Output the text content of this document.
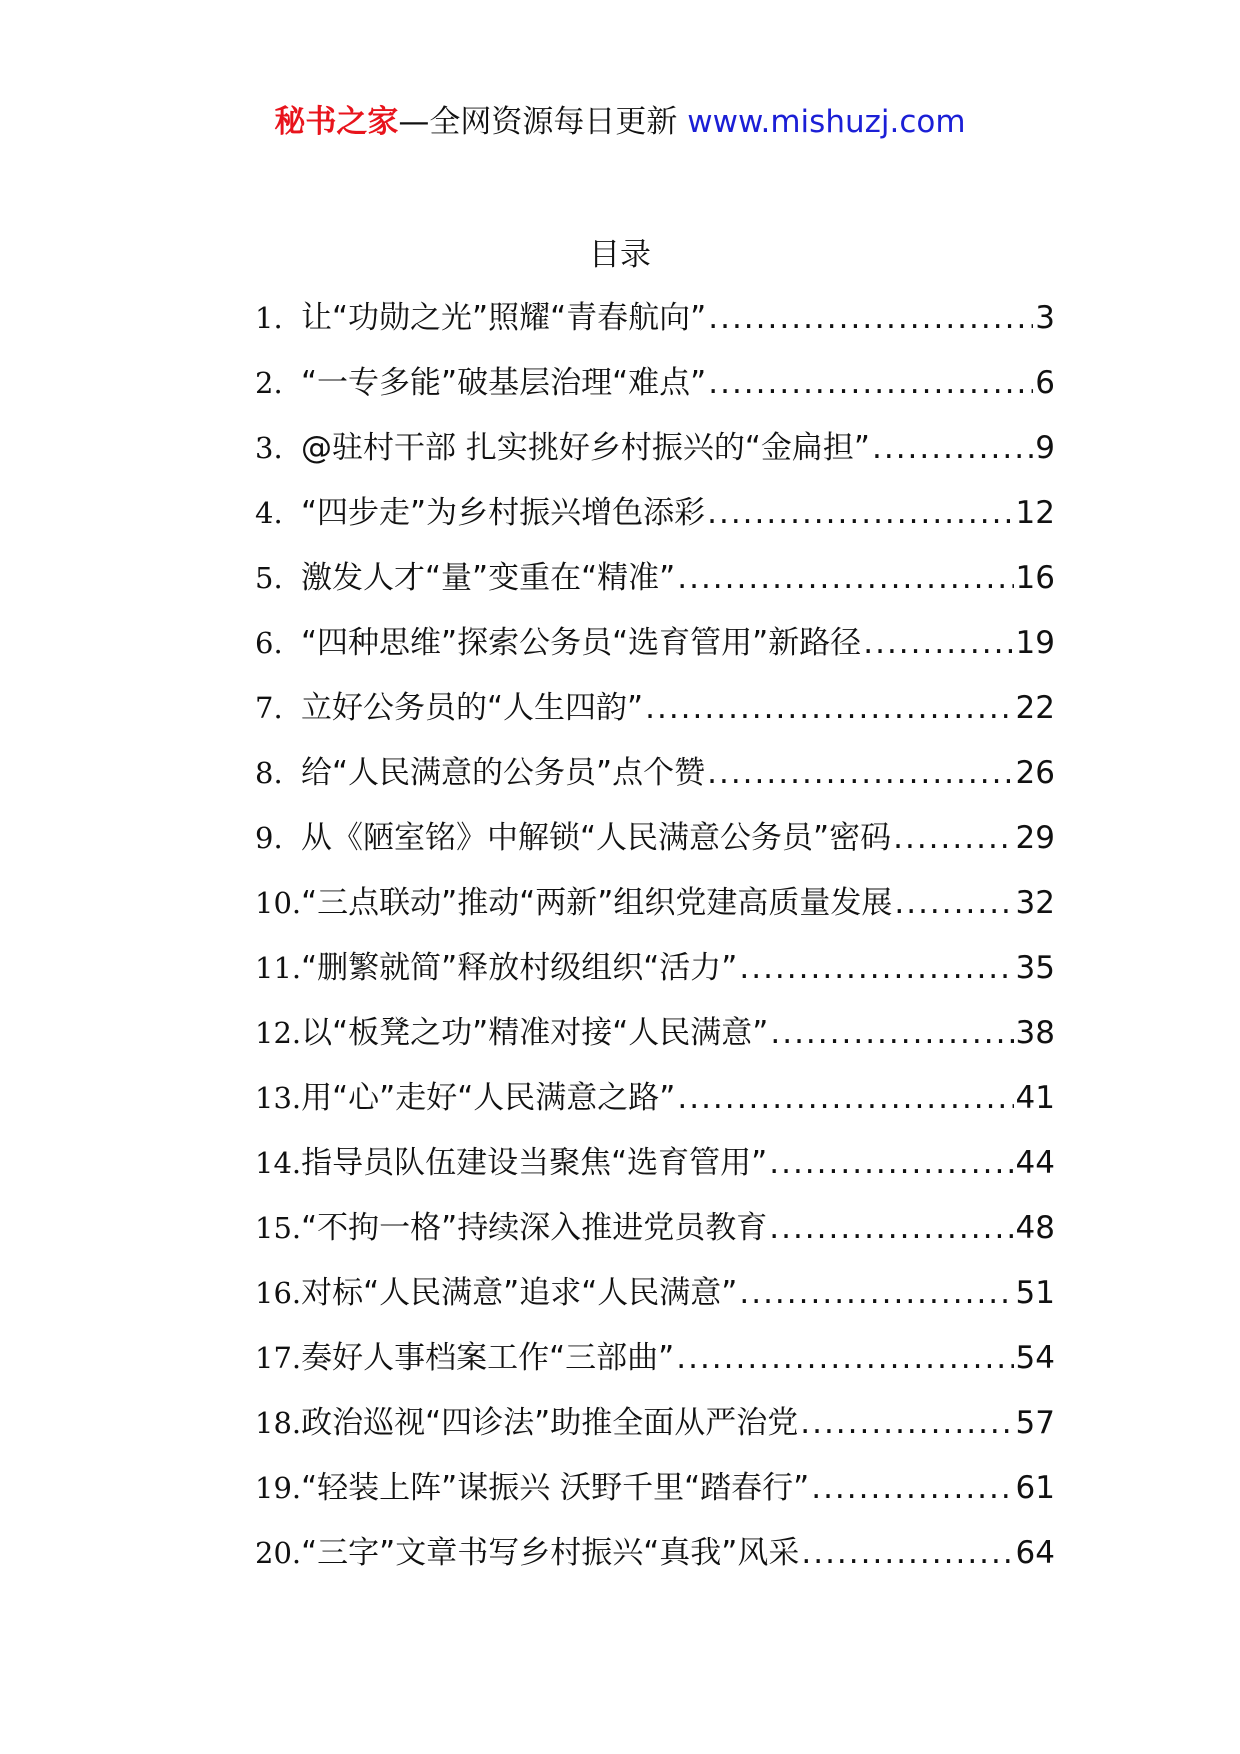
秘书之家—全网资源每日更新 www.mishuzj.com
目录
1. 让“功勋之光”照耀“青春航向” .....	3
2. “一专多能”破基层治理“难点” .....	6
3. @驻村干部 扎实挑好乡村振兴的“金扁担” .....	9
4. “四步走”为乡村振兴增色添彩 .....	12
5. 激发人才“量”变重在“精准” .....	16
6. “四种思维”探索公务员“选育管用”新路径 .....	19
7. 立好公务员的“人生四韵” .....	22
8. 给“人民满意的公务员”点个赞 .....	26
9. 从《陋室铭》中解锁“人民满意公务员”密码 .....	29
10. “三点联动”推动“两新”组织党建高质量发展 .....	32
11. “删繁就简”释放村级组织“活力” .....	35
12. 以“板凳之功”精准对接“人民满意” .....	38
13. 用“心”走好“人民满意之路” .....	41
14. 指导员队伍建设当聚焦“选育管用” .....	44
15. “不拘一格”持续深入推进党员教育 .....	48
16. 对标“人民满意”追求“人民满意” .....	51
17. 奏好人事档案工作“三部曲” .....	54
18. 政治巡视“四诊法”助推全面从严治党 .....	57
19. “轻装上阵”谋振兴 沃野千里“踏春行” .....	61
20. “三字”文章书写乡村振兴“真我”风采 .....	64
